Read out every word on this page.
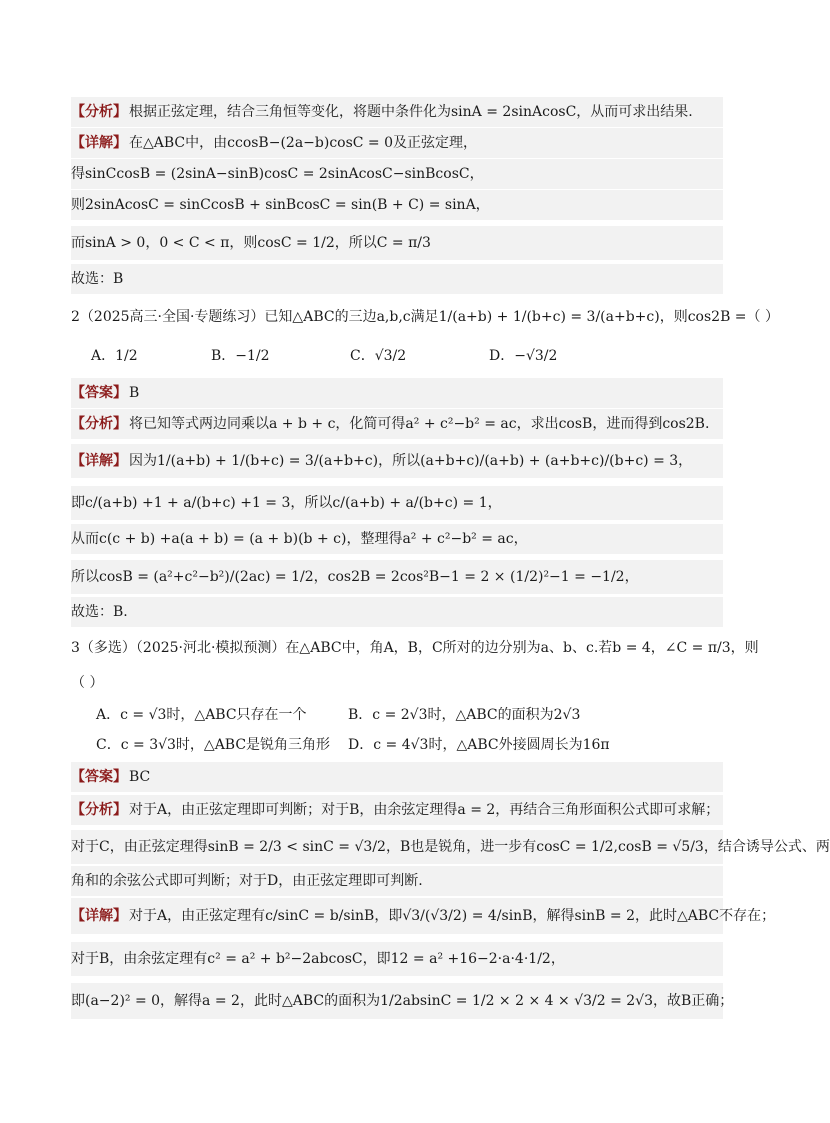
【分析】 根据正弦定理，结合三角恒等变化，将题中条件化为sinA = 2sinAcosC，从而可求出结果.
【详解】 在△ABC中，由ccosB−(2a−b)cosC = 0及正弦定理，
得sinCcosB = (2sinA−sinB)cosC = 2sinAcosC−sinBcosC，
则2sinAcosC = sinCcosB + sinBcosC = sin(B + C) = sinA，
而sinA > 0，0 < C < π，则cosC = 1/2，所以C = π/3
故选：B
2（2025高三·全国·专题练习）已知△ABC的三边a,b,c满足1/(a+b) + 1/(b+c) = 3/(a+b+c)，则cos2B =（ ）
A．1/2	B．−1/2	C．√3/2	D．−√3/2
【答案】 B
【分析】 将已知等式两边同乘以a + b + c，化简可得a² + c²−b² = ac，求出cosB，进而得到cos2B.
【详解】 因为1/(a+b) + 1/(b+c) = 3/(a+b+c)，所以(a+b+c)/(a+b) + (a+b+c)/(b+c) = 3，
即c/(a+b) +1 + a/(b+c) +1 = 3，所以c/(a+b) + a/(b+c) = 1，
从而c(c + b) +a(a + b) = (a + b)(b + c)，整理得a² + c²−b² = ac，
所以cosB = (a²+c²−b²)/(2ac) = 1/2，cos2B = 2cos²B−1 = 2 × (1/2)²−1 = −1/2，
故选：B.
3（多选）（2025·河北·模拟预测）在△ABC中，角A，B，C所对的边分别为a、b、c.若b = 4，∠C = π/3，则
（ ）
A．c = √3时，△ABC只存在一个	B．c = 2√3时，△ABC的面积为2√3
C．c = 3√3时，△ABC是锐角三角形 D．c = 4√3时，△ABC外接圆周长为16π
【答案】 BC
【分析】 对于A，由正弦定理即可判断；对于B，由余弦定理得a = 2，再结合三角形面积公式即可求解；
对于C，由正弦定理得sinB = 2/3 < sinC = √3/2，B也是锐角，进一步有cosC = 1/2,cosB = √5/3，结合诱导公式、两
角和的余弦公式即可判断；对于D，由正弦定理即可判断.
【详解】 对于A，由正弦定理有c/sinC = b/sinB，即√3/(√3/2) = 4/sinB，解得sinB = 2，此时△ABC不存在；
对于B，由余弦定理有c² = a² + b²−2abcosC，即12 = a² +16−2·a·4·1/2，
即(a−2)² = 0，解得a = 2，此时△ABC的面积为1/2absinC = 1/2 × 2 × 4 × √3/2 = 2√3，故B正确；
